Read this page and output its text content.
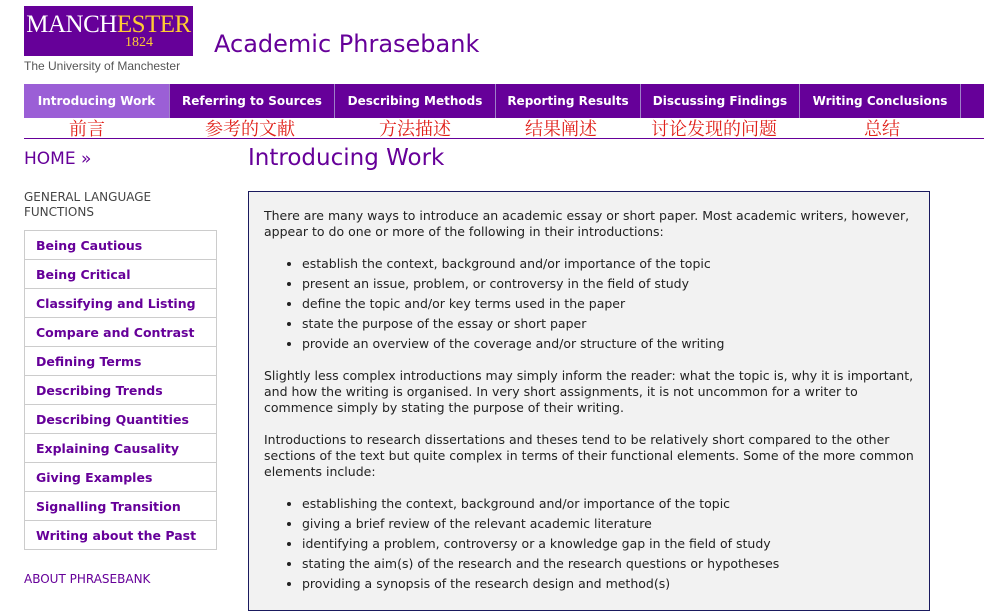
MANCHESTER
1824
The University of Manchester
Academic Phrasebank
Introducing Work	Referring to Sources	Describing Methods	Reporting Results	Discussing Findings	Writing Conclusions
前言	参考的文献	方法描述	结果阐述	讨论发现的问题	总结
HOME »
GENERAL LANGUAGE FUNCTIONS
Being Cautious
Being Critical
Classifying and Listing
Compare and Contrast
Defining Terms
Describing Trends
Describing Quantities
Explaining Causality
Giving Examples
Signalling Transition
Writing about the Past
ABOUT PHRASEBANK
Introducing Work

There are many ways to introduce an academic essay or short paper. Most academic writers, however, appear to do one or more of the following in their introductions:

• establish the context, background and/or importance of the topic
• present an issue, problem, or controversy in the field of study
• define the topic and/or key terms used in the paper
• state the purpose of the essay or short paper
• provide an overview of the coverage and/or structure of the writing

Slightly less complex introductions may simply inform the reader: what the topic is, why it is important, and how the writing is organised. In very short assignments, it is not uncommon for a writer to commence simply by stating the purpose of their writing.

Introductions to research dissertations and theses tend to be relatively short compared to the other sections of the text but quite complex in terms of their functional elements. Some of the more common elements include:

• establishing the context, background and/or importance of the topic
• giving a brief review of the relevant academic literature
• identifying a problem, controversy or a knowledge gap in the field of study
• stating the aim(s) of the research and the research questions or hypotheses
• providing a synopsis of the research design and method(s)
